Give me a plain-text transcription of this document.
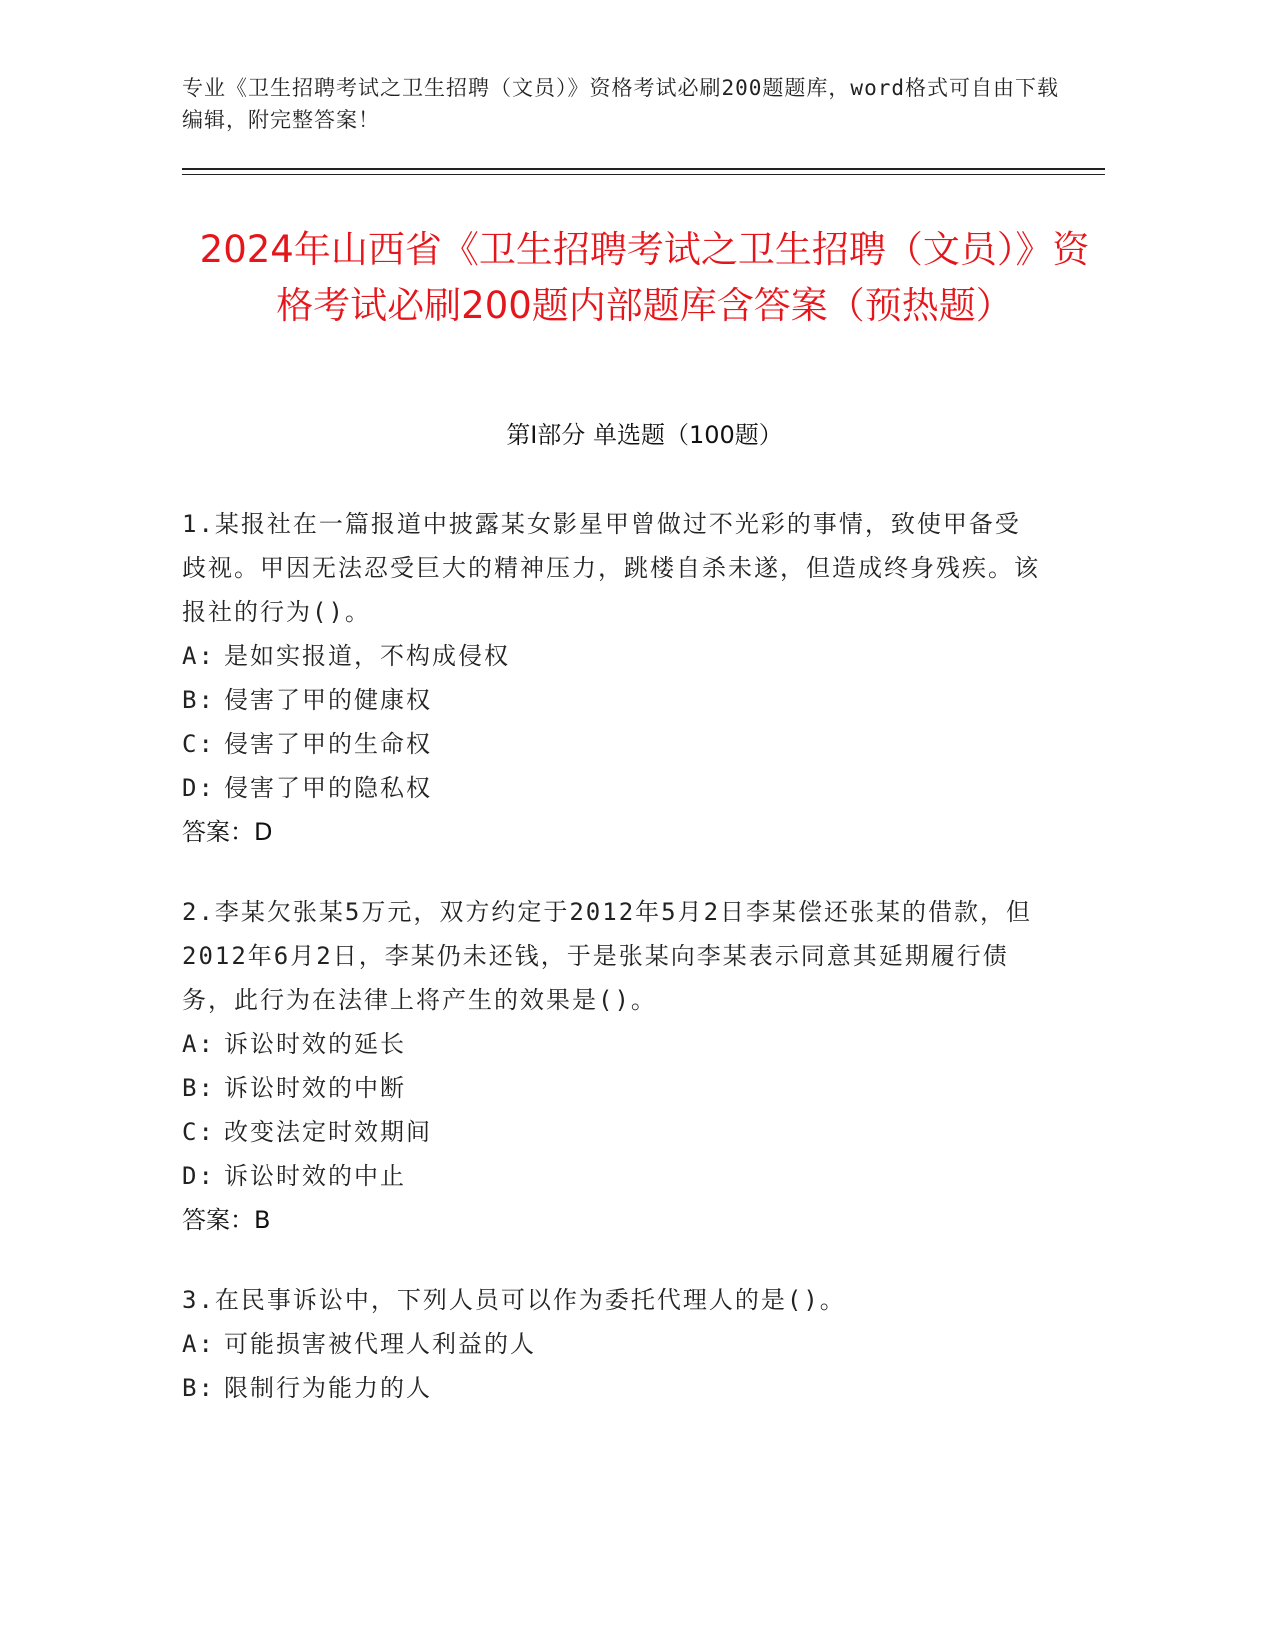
专业《卫生招聘考试之卫生招聘（文员）》资格考试必刷200题题库，word格式可自由下载编辑，附完整答案！
2024年山西省《卫生招聘考试之卫生招聘（文员）》资格考试必刷200题内部题库含答案（预热题）
第I部分 单选题（100题）
1.某报社在一篇报道中披露某女影星甲曾做过不光彩的事情，致使甲备受歧视。甲因无法忍受巨大的精神压力，跳楼自杀未遂，但造成终身残疾。该报社的行为()。
A: 是如实报道，不构成侵权
B: 侵害了甲的健康权
C: 侵害了甲的生命权
D: 侵害了甲的隐私权
答案：D
2.李某欠张某5万元，双方约定于2012年5月2日李某偿还张某的借款，但2012年6月2日，李某仍未还钱，于是张某向李某表示同意其延期履行债务，此行为在法律上将产生的效果是()。
A: 诉讼时效的延长
B: 诉讼时效的中断
C: 改变法定时效期间
D: 诉讼时效的中止
答案：B
3.在民事诉讼中，下列人员可以作为委托代理人的是()。
A: 可能损害被代理人利益的人
B: 限制行为能力的人
